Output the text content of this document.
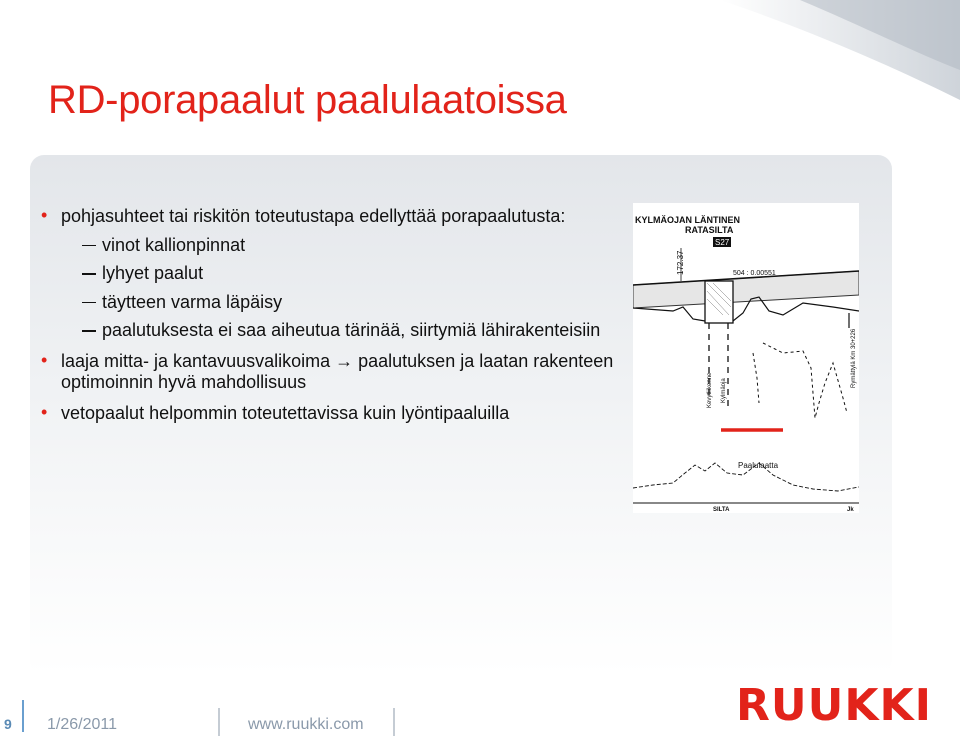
RD-porapaalut paalulaatoissa
• pohjasuhteet tai riskitön toteutustapa edellyttää porapaalutusta:
vinot kallionpinnat
lyhyet paalut
täytteen varma läpäisy
paalutuksesta ei saa aiheutua tärinää, siirtymiä lähirakenteisiin
• laaja mitta- ja kantavuusvalikoima → paalutuksen ja laatan rakenteen optimoinnin hyvä mahdollisuus
• vetopaalut helpommin toteutettavissa kuin lyöntipaaluilla
KYLMÄOJAN LÄNTINEN
RATASILTA
S27
172.37	504 : 0.00551
Kevytliikenne Kylmäoja
Rymättylä Km 30+226
Paalulaatta
SILTA	Jk
9 1/26/2011	www.ruukki.com	RUUKKI
